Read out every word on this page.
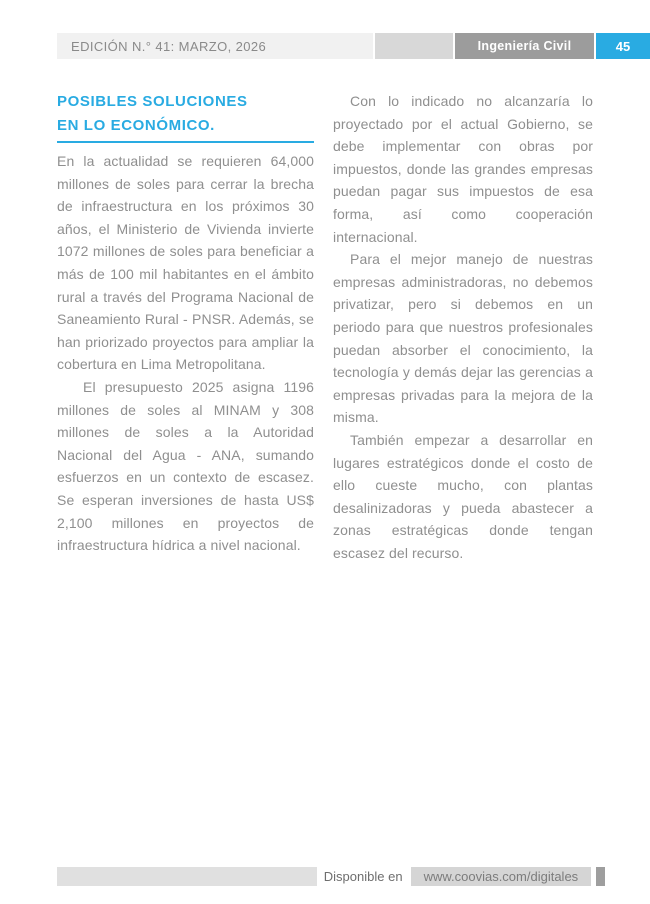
EDICIÓN N.° 41: MARZO, 2026	Ingeniería Civil	45
POSIBLES SOLUCIONES
EN LO ECONÓMICO.

En la actualidad se requieren 64,000 millones de soles para cerrar la brecha de infraestructura en los próximos 30 años, el Ministerio de Vivienda invierte 1072 millones de soles para beneficiar a más de 100 mil habitantes en el ámbito rural a través del Programa Nacional de Saneamiento Rural - PNSR. Además, se han priorizado proyectos para ampliar la cobertura en Lima Metropolitana.

El presupuesto 2025 asigna 1196 millones de soles al MINAM y 308 millones de soles a la Autoridad Nacional del Agua - ANA, sumando esfuerzos en un contexto de escasez. Se esperan inversiones de hasta US$ 2,100 millones en proyectos de infraestructura hídrica a nivel nacional.

Con lo indicado no alcanzaría lo proyectado por el actual Gobierno, se debe implementar con obras por impuestos, donde las grandes empresas puedan pagar sus impuestos de esa forma, así como cooperación internacional.

Para el mejor manejo de nuestras empresas administradoras, no debemos privatizar, pero si debemos en un periodo para que nuestros profesionales puedan absorber el conocimiento, la tecnología y demás dejar las gerencias a empresas privadas para la mejora de la misma.

También empezar a desarrollar en lugares estratégicos donde el costo de ello cueste mucho, con plantas desalinizadoras y pueda abastecer a zonas estratégicas donde tengan escasez del recurso.

Disponible en	www.coovias.com/digitales
